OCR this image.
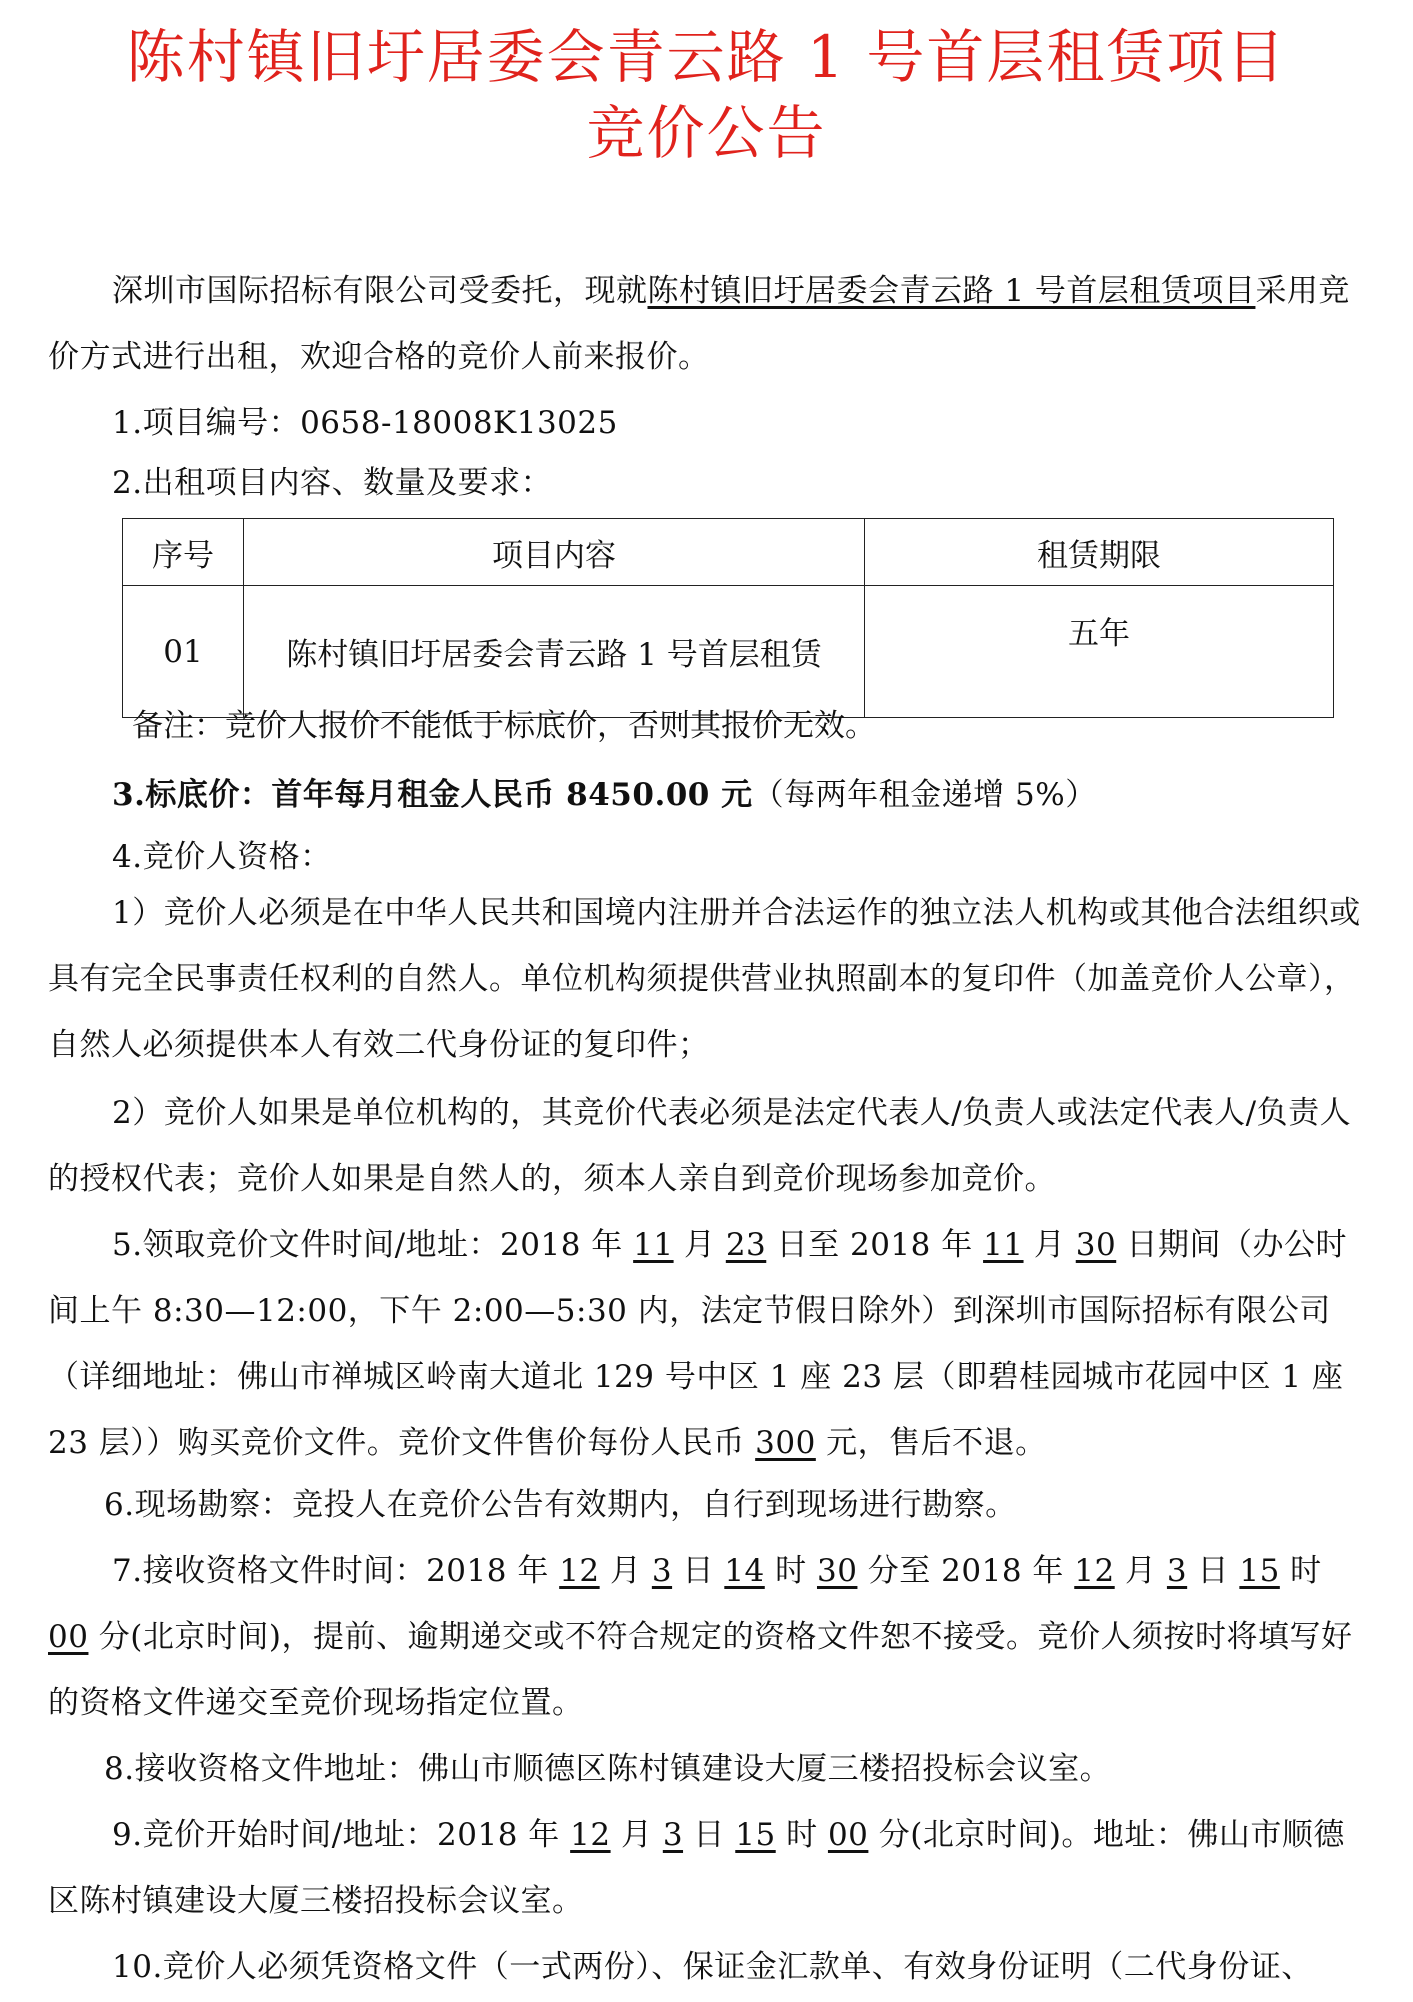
陈村镇旧圩居委会青云路 1 号首层租赁项目
竞价公告
深圳市国际招标有限公司受委托，现就陈村镇旧圩居委会青云路 1 号首层租赁项目采用竞价方式进行出租，欢迎合格的竞价人前来报价。
1.项目编号：0658-18008K13025
2.出租项目内容、数量及要求：
序号	项目内容	租赁期限
01	陈村镇旧圩居委会青云路 1 号首层租赁	五年
备注：竞价人报价不能低于标底价，否则其报价无效。
3.标底价：首年每月租金人民币 8450.00 元（每两年租金递增 5%）
4.竞价人资格：
1）竞价人必须是在中华人民共和国境内注册并合法运作的独立法人机构或其他合法组织或具有完全民事责任权利的自然人。单位机构须提供营业执照副本的复印件（加盖竞价人公章），自然人必须提供本人有效二代身份证的复印件；
2）竞价人如果是单位机构的，其竞价代表必须是法定代表人/负责人或法定代表人/负责人的授权代表；竞价人如果是自然人的，须本人亲自到竞价现场参加竞价。
5.领取竞价文件时间/地址：2018 年 11 月 23 日至 2018 年 11 月 30 日期间（办公时间上午 8:30—12:00，下午 2:00—5:30 内，法定节假日除外）到深圳市国际招标有限公司（详细地址：佛山市禅城区岭南大道北 129 号中区 1 座 23 层（即碧桂园城市花园中区 1 座 23 层））购买竞价文件。竞价文件售价每份人民币 300 元，售后不退。
6.现场勘察：竞投人在竞价公告有效期内，自行到现场进行勘察。
7.接收资格文件时间：2018 年 12 月 3 日 14 时 30 分至 2018 年 12 月 3 日 15 时 00 分(北京时间)，提前、逾期递交或不符合规定的资格文件恕不接受。竞价人须按时将填写好的资格文件递交至竞价现场指定位置。
8.接收资格文件地址：佛山市顺德区陈村镇建设大厦三楼招投标会议室。
9.竞价开始时间/地址：2018 年 12 月 3 日 15 时 00 分(北京时间)。地址：佛山市顺德区陈村镇建设大厦三楼招投标会议室。
10.竞价人必须凭资格文件（一式两份）、保证金汇款单、有效身份证明（二代身份证、
